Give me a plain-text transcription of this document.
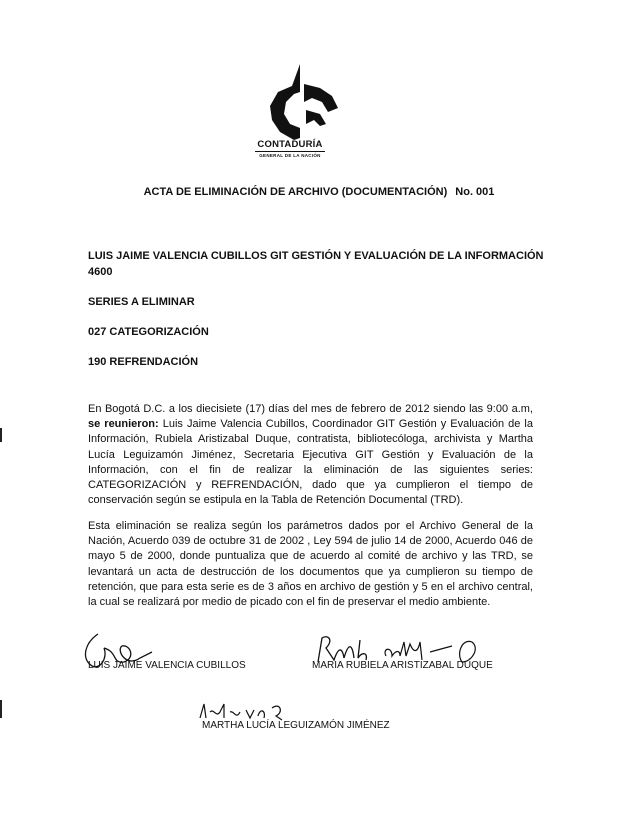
CONTADURÍA
GENERAL DE LA NACIÓN
ACTA DE ELIMINACIÓN DE ARCHIVO (DOCUMENTACIÓN) No. 001
LUIS JAIME VALENCIA CUBILLOS GIT GESTIÓN Y EVALUACIÓN DE LA INFORMACIÓN
4600
SERIES A ELIMINAR
027 CATEGORIZACIÓN
190 REFRENDACIÓN
En Bogotá D.C. a los diecisiete (17) días del mes de febrero de 2012 siendo las 9:00 a.m, se reunieron: Luis Jaime Valencia Cubillos, Coordinador GIT Gestión y Evaluación de la Información, Rubiela Aristizabal Duque, contratista, bibliotecóloga, archivista y Martha Lucía Leguizamón Jiménez, Secretaria Ejecutiva GIT Gestión y Evaluación de la Información, con el fin de realizar la eliminación de las siguientes series: CATEGORIZACIÓN y REFRENDACIÓN, dado que ya cumplieron el tiempo de conservación según se estipula en la Tabla de Retención Documental (TRD).
Esta eliminación se realiza según los parámetros dados por el Archivo General de la Nación, Acuerdo 039 de octubre 31 de 2002 , Ley 594 de julio 14 de 2000, Acuerdo 046 de mayo 5 de 2000, donde puntualiza que de acuerdo al comité de archivo y las TRD, se levantará un acta de destrucción de los documentos que ya cumplieron su tiempo de retención, que para esta serie es de 3 años en archivo de gestión y 5 en el archivo central, la cual se realizará por medio de picado con el fin de preservar el medio ambiente.
LUIS JAIME VALENCIA CUBILLOS	MARIA RUBIELA ARISTIZABAL DUQUE
MARTHA LUCÍA LEGUIZAMÓN JIMÉNEZ
